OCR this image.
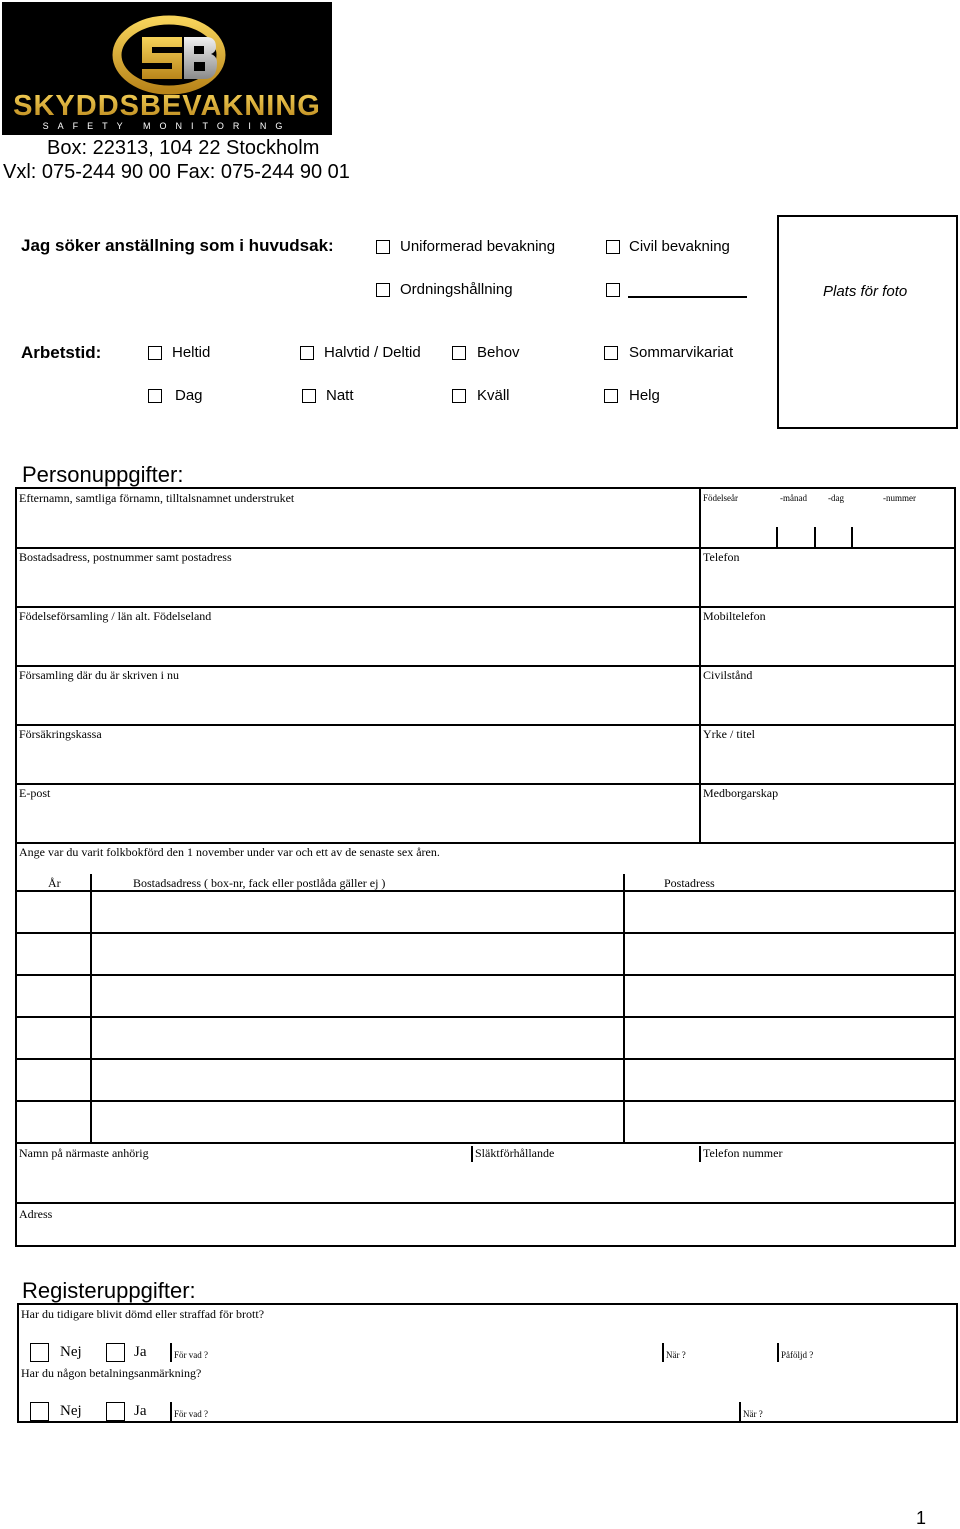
SKYDDSBEVAKNING
SAFETY MONITORING
Box: 22313, 104 22 Stockholm
Vxl: 075-244 90 00 Fax: 075-244 90 01
Jag söker anställning som i huvudsak:	Uniformerad bevakning	Civil bevakning
Ordningshållning	Plats för foto
Arbetstid:	Heltid	Halvtid / Deltid	Behov	Sommarvikariat
Dag	Natt	Kväll	Helg
Personuppgifter:
Efternamn, samtliga förnamn, tilltalsnamnet understruket	Födelseår	-månad -dag	-nummer
Bostadsadress, postnummer samt postadress	Telefon
Födelseförsamling / län alt. Födelseland	Mobiltelefon
Församling där du är skriven i nu	Civilstånd
Försäkringskassa	Yrke / titel
E-post	Medborgarskap
Ange var du varit folkbokförd den 1 november under var och ett av de senaste sex åren.
År	Bostadsadress ( box-nr, fack eller postlåda gäller ej )	Postadress
Namn på närmaste anhörig	Släktförhållande	Telefon nummer
Adress
Registeruppgifter:
Har du tidigare blivit dömd eller straffad för brott?
Nej	Ja	För vad ?	När ?	Påföljd ?
Har du någon betalningsanmärkning?
Nej	Ja	För vad ?	När ?
1
